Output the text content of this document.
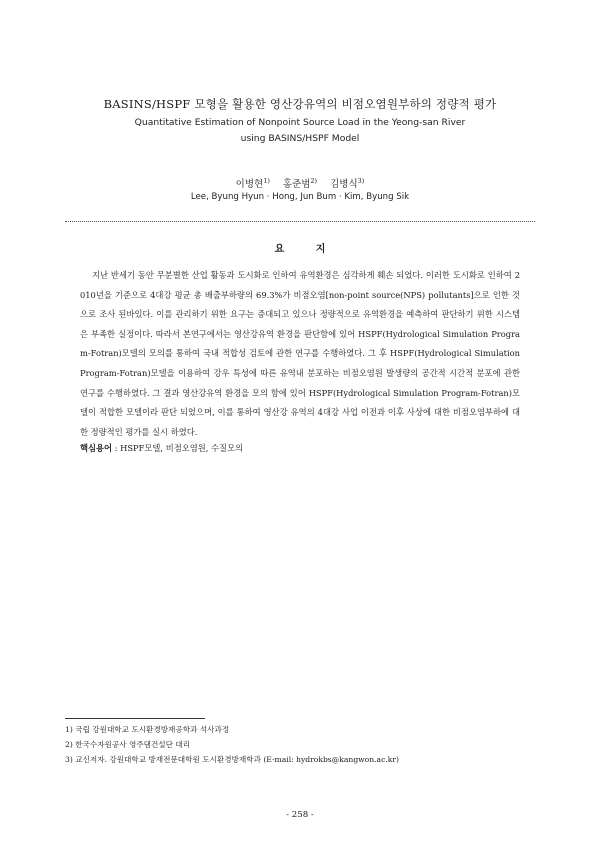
BASINS/HSPF 모형을 활용한 영산강유역의 비점오염원부하의 정량적 평가
Quantitative Estimation of Nonpoint Source Load in the Yeong-san River
using BASINS/HSPF Model
이병현$^{1)}$ 홍준범$^{2)}$ 김병식$^{3)}$
Lee, Byung Hyun · Hong, Jun Bum · Kim, Byung Sik
요 지

지난 반세기 동안 무분별한 산업 활동과 도시화로 인하여 유역환경은 심각하게 훼손 되었다. 이러한 도시화로 인하여 2010년을 기준으로 4대강 평균 총 배출부하량의 69.3%가 비점오염[non-point source(NPS) pollutants]으로 인한 것으로 조사 된바있다. 이를 관리하기 위한 요구는 증대되고 있으나 정량적으로 유역환경을 예측하여 판단하기 위한 시스템은 부족한 실정이다. 따라서 본연구에서는 영산강유역 환경을 판단함에 있어 HSPF(Hydrological Simulation Program-Fotran)모델의 모의를 통하여 국내 적합성 검토에 관한 연구를 수행하였다. 그 후 HSPF(Hydrological Simulation Program-Fotran)모델을 이용하여 강우 특성에 따른 유역내 분포하는 비점오염원 발생량의 공간적 시간적 분포에 관한 연구를 수행하였다. 그 결과 영산강유역 환경을 모의 함에 있어 HSPF(Hydrological Simulation Program-Fotran)모델이 적합한 모델이라 판단 되었으며, 이를 통하여 영산강 유역의 4대강 사업 이전과 이후 사상에 대한 비점오염부하에 대한 정량적인 평가를 실시 하였다.

핵심용어 : HSPF모델, 비점오염원, 수질모의
1) 국립 강원대학교 도시환경방재공학과 석사과정
2) 한국수자원공사 영주댐건설단 대리
3) 교신저자. 강원대학교 방재전문대학원 도시환경방재학과 (E-mail: hydrokbs@kangwon.ac.kr)
- 258 -
